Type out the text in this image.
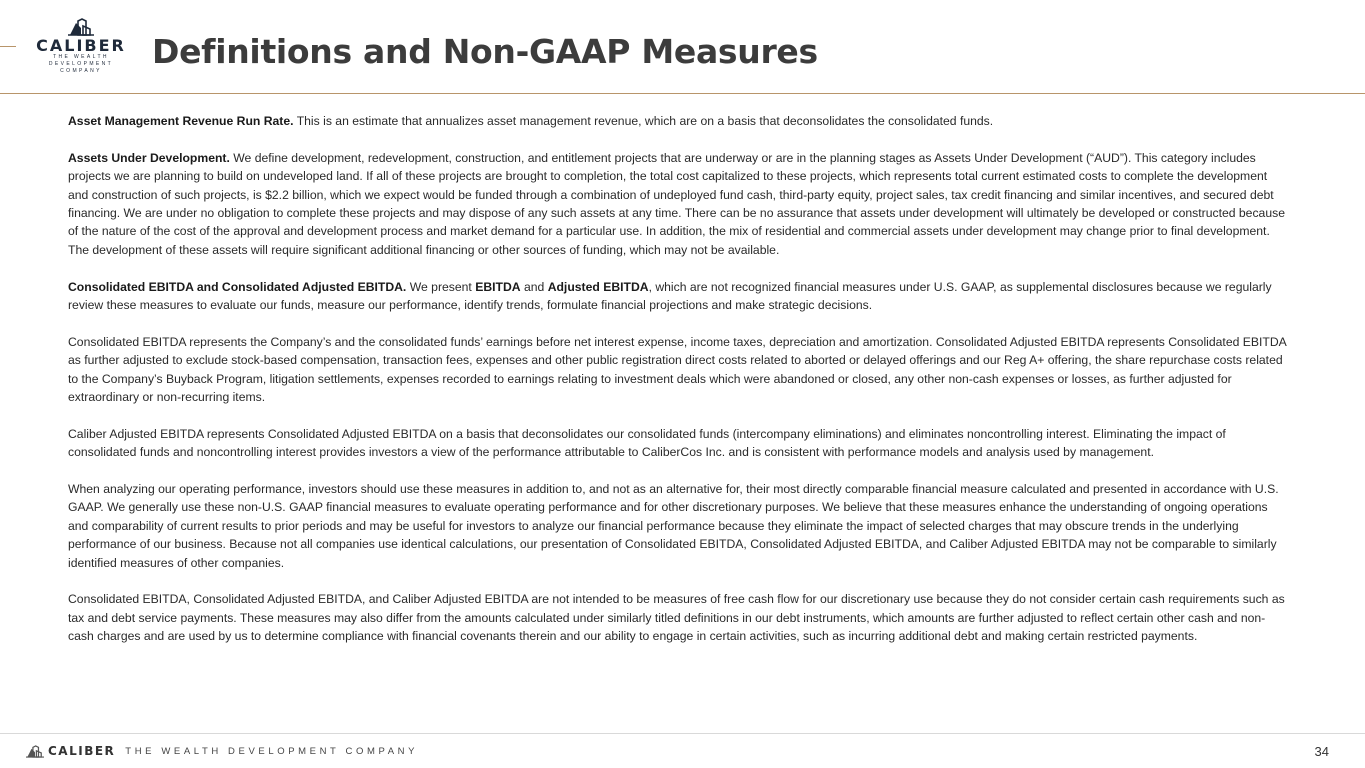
CALIBER
THE WEALTH DEVELOPMENT
COMPANY	Definitions and Non-GAAP Measures

Asset Management Revenue Run Rate. This is an estimate that annualizes asset management revenue, which are on a basis that deconsolidates the consolidated funds.

Assets Under Development. We define development, redevelopment, construction, and entitlement projects that are underway or are in the planning stages as Assets Under Development (“AUD”). This category includes projects we are planning to build on undeveloped land. If all of these projects are brought to completion, the total cost capitalized to these projects, which represents total current estimated costs to complete the development and construction of such projects, is $2.2 billion, which we expect would be funded through a combination of undeployed fund cash, third-party equity, project sales, tax credit financing and similar incentives, and secured debt financing. We are under no obligation to complete these projects and may dispose of any such assets at any time. There can be no assurance that assets under development will ultimately be developed or constructed because of the nature of the cost of the approval and development process and market demand for a particular use. In addition, the mix of residential and commercial assets under development may change prior to final development. The development of these assets will require significant additional financing or other sources of funding, which may not be available.

Consolidated EBITDA and Consolidated Adjusted EBITDA. We present EBITDA and Adjusted EBITDA, which are not recognized financial measures under U.S. GAAP, as supplemental disclosures because we regularly review these measures to evaluate our funds, measure our performance, identify trends, formulate financial projections and make strategic decisions.

Consolidated EBITDA represents the Company’s and the consolidated funds’ earnings before net interest expense, income taxes, depreciation and amortization. Consolidated Adjusted EBITDA represents Consolidated EBITDA as further adjusted to exclude stock-based compensation, transaction fees, expenses and other public registration direct costs related to aborted or delayed offerings and our Reg A+ offering, the share repurchase costs related to the Company’s Buyback Program, litigation settlements, expenses recorded to earnings relating to investment deals which were abandoned or closed, any other non-cash expenses or losses, as further adjusted for extraordinary or non-recurring items.

Caliber Adjusted EBITDA represents Consolidated Adjusted EBITDA on a basis that deconsolidates our consolidated funds (intercompany eliminations) and eliminates noncontrolling interest. Eliminating the impact of consolidated funds and noncontrolling interest provides investors a view of the performance attributable to CaliberCos Inc. and is consistent with performance models and analysis used by management.

When analyzing our operating performance, investors should use these measures in addition to, and not as an alternative for, their most directly comparable financial measure calculated and presented in accordance with U.S. GAAP. We generally use these non-U.S. GAAP financial measures to evaluate operating performance and for other discretionary purposes. We believe that these measures enhance the understanding of ongoing operations and comparability of current results to prior periods and may be useful for investors to analyze our financial performance because they eliminate the impact of selected charges that may obscure trends in the underlying performance of our business. Because not all companies use identical calculations, our presentation of Consolidated EBITDA, Consolidated Adjusted EBITDA, and Caliber Adjusted EBITDA may not be comparable to similarly identified measures of other companies.

Consolidated EBITDA, Consolidated Adjusted EBITDA, and Caliber Adjusted EBITDA are not intended to be measures of free cash flow for our discretionary use because they do not consider certain cash requirements such as tax and debt service payments. These measures may also differ from the amounts calculated under similarly titled definitions in our debt instruments, which amounts are further adjusted to reflect certain other cash and non-cash charges and are used by us to determine compliance with financial covenants therein and our ability to engage in certain activities, such as incurring additional debt and making certain restricted payments.

CALIBER THE WEALTH DEVELOPMENT COMPANY	34
